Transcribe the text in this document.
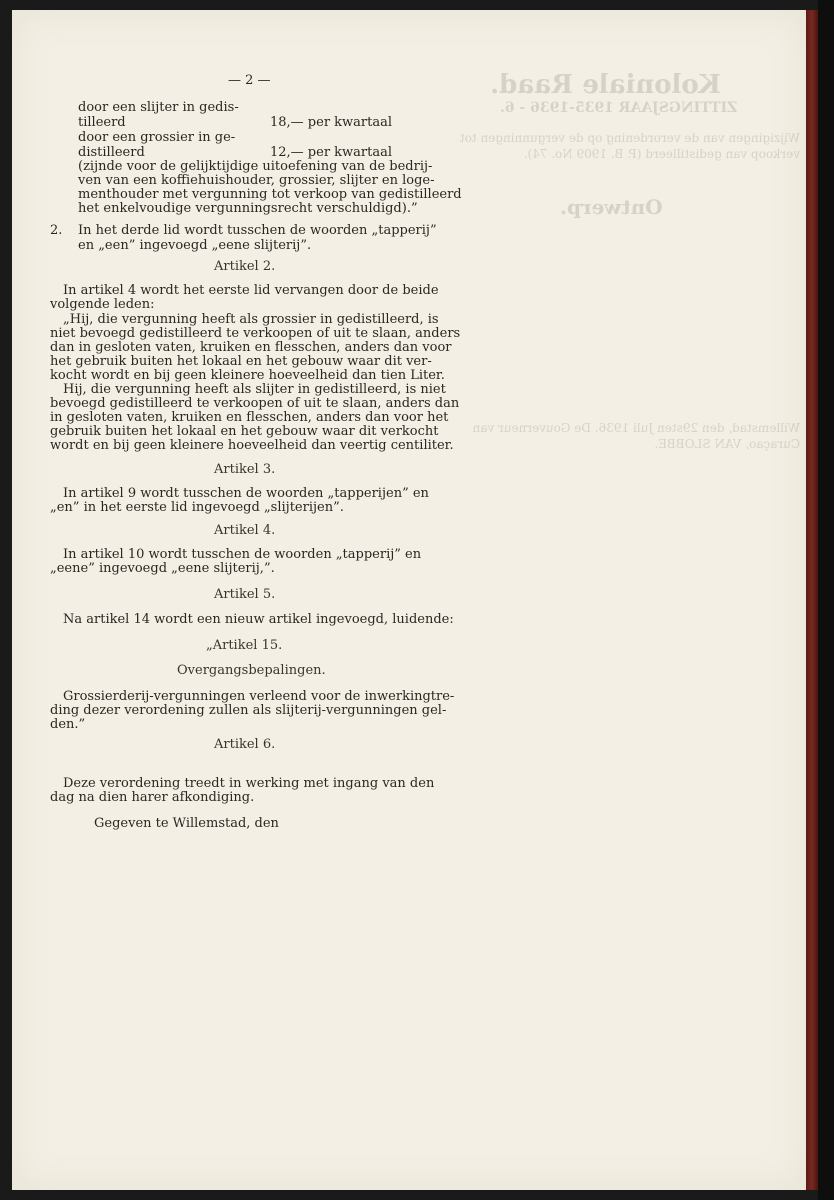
Koloniale Raad.
ZITTINGSJAAR 1935-1936 - 6.
Ontwerp.
Wijzigingen van de verordening op de vergunningen tot verkoop van gedistilleerd (P. B. 1909 No. 74).
Willemstad, den 29sten Juli 1936. De Gouverneur van Curaçao, VAN SLOBBE.
— 2 —
door een slijter in gedis-
tilleerd	18,— per kwartaal
door een grossier in ge-
distilleerd	12,— per kwartaal
(zijnde voor de gelijktijdige uitoefening van de bedrij-
ven van een koffiehuishouder, grossier, slijter en loge-
menthouder met vergunning tot verkoop van gedistilleerd
het enkelvoudige vergunningsrecht verschuldigd).”
2. In het derde lid wordt tusschen de woorden „tapperij”
en „een” ingevoegd „eene slijterij”.
Artikel 2.
In artikel 4 wordt het eerste lid vervangen door de beide
volgende leden:
„Hij, die vergunning heeft als grossier in gedistilleerd, is
niet bevoegd gedistilleerd te verkoopen of uit te slaan, anders
dan in gesloten vaten, kruiken en flesschen, anders dan voor
het gebruik buiten het lokaal en het gebouw waar dit ver-
kocht wordt en bij geen kleinere hoeveelheid dan tien Liter.
Hij, die vergunning heeft als slijter in gedistilleerd, is niet
bevoegd gedistilleerd te verkoopen of uit te slaan, anders dan
in gesloten vaten, kruiken en flesschen, anders dan voor het
gebruik buiten het lokaal en het gebouw waar dit verkocht
wordt en bij geen kleinere hoeveelheid dan veertig centiliter.
Artikel 3.
In artikel 9 wordt tusschen de woorden „tapperijen” en
„en” in het eerste lid ingevoegd „slijterijen”.
Artikel 4.
In artikel 10 wordt tusschen de woorden „tapperij” en
„eene” ingevoegd „eene slijterij,”.
Artikel 5.
Na artikel 14 wordt een nieuw artikel ingevoegd, luidende:
„Artikel 15.
Overgangsbepalingen.
Grossierderij-vergunningen verleend voor de inwerkingtre-
ding dezer verordening zullen als slijterij-vergunningen gel-
den.”
Artikel 6.
Deze verordening treedt in werking met ingang van den
dag na dien harer afkondiging.
Gegeven te Willemstad, den
